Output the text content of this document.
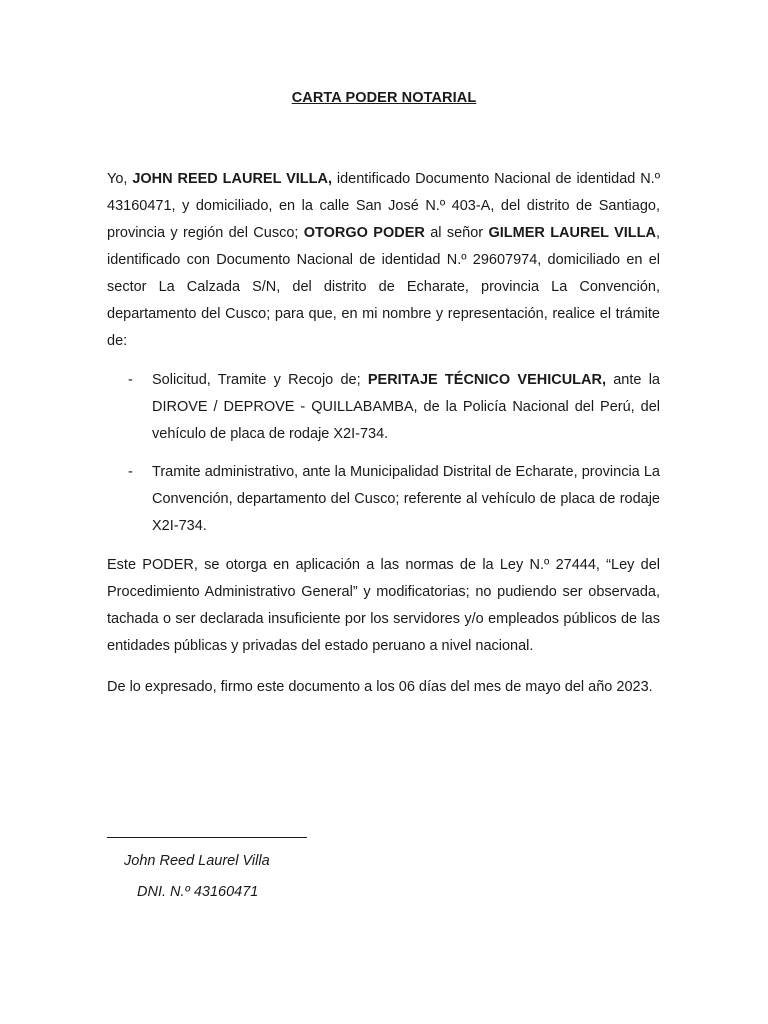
CARTA PODER NOTARIAL

Yo, JOHN REED LAUREL VILLA, identificado Documento Nacional de identidad N.º 43160471, y domiciliado, en la calle San José N.º 403-A, del distrito de Santiago, provincia y región del Cusco; OTORGO PODER al señor GILMER LAUREL VILLA, identificado con Documento Nacional de identidad N.º 29607974, domiciliado en el sector La Calzada S/N, del distrito de Echarate, provincia La Convención, departamento del Cusco; para que, en mi nombre y representación, realice el trámite de:

- Solicitud, Tramite y Recojo de; PERITAJE TÉCNICO VEHICULAR, ante la DIROVE / DEPROVE - QUILLABAMBA, de la Policía Nacional del Perú, del vehículo de placa de rodaje X2I-734.
- Tramite administrativo, ante la Municipalidad Distrital de Echarate, provincia La Convención, departamento del Cusco; referente al vehículo de placa de rodaje X2I-734.

Este PODER, se otorga en aplicación a las normas de la Ley N.º 27444, “Ley del Procedimiento Administrativo General” y modificatorias; no pudiendo ser observada, tachada o ser declarada insuficiente por los servidores y/o empleados públicos de las entidades públicas y privadas del estado peruano a nivel nacional.

De lo expresado, firmo este documento a los 06 días del mes de mayo del año 2023.

John Reed Laurel Villa
DNI. N.º 43160471
